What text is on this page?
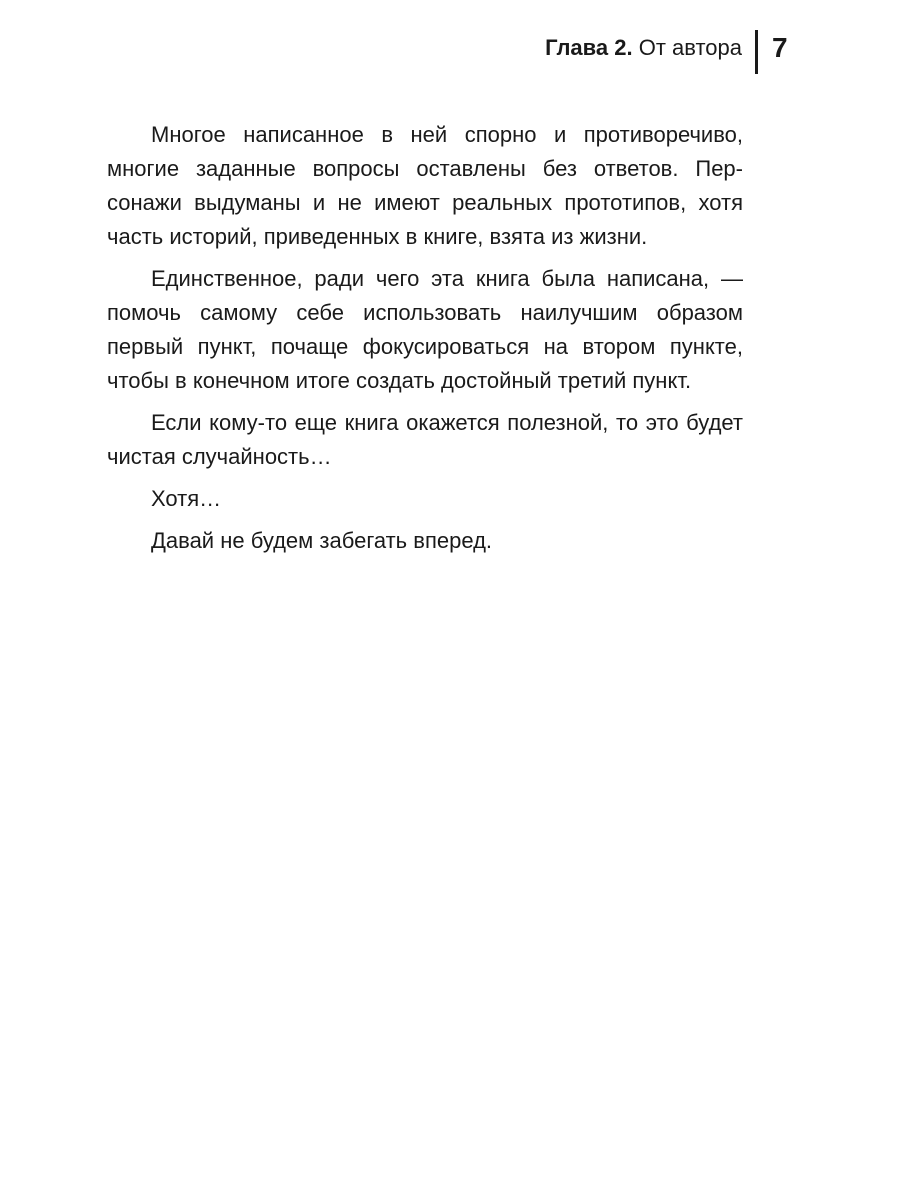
Глава 2. От автора 7

Многое написанное в ней спорно и противоречиво, многие заданные вопросы оставлены без ответов. Персонажи выдуманы и не имеют реальных прототипов, хотя часть историй, приведенных в книге, взята из жизни.

Единственное, ради чего эта книга была написана, — помочь самому себе использовать наилучшим образом первый пункт, почаще фокусироваться на втором пункте, чтобы в конечном итоге создать достойный третий пункт.

Если кому-то еще книга окажется полезной, то это будет чистая случайность…

Хотя…

Давай не будем забегать вперед.
